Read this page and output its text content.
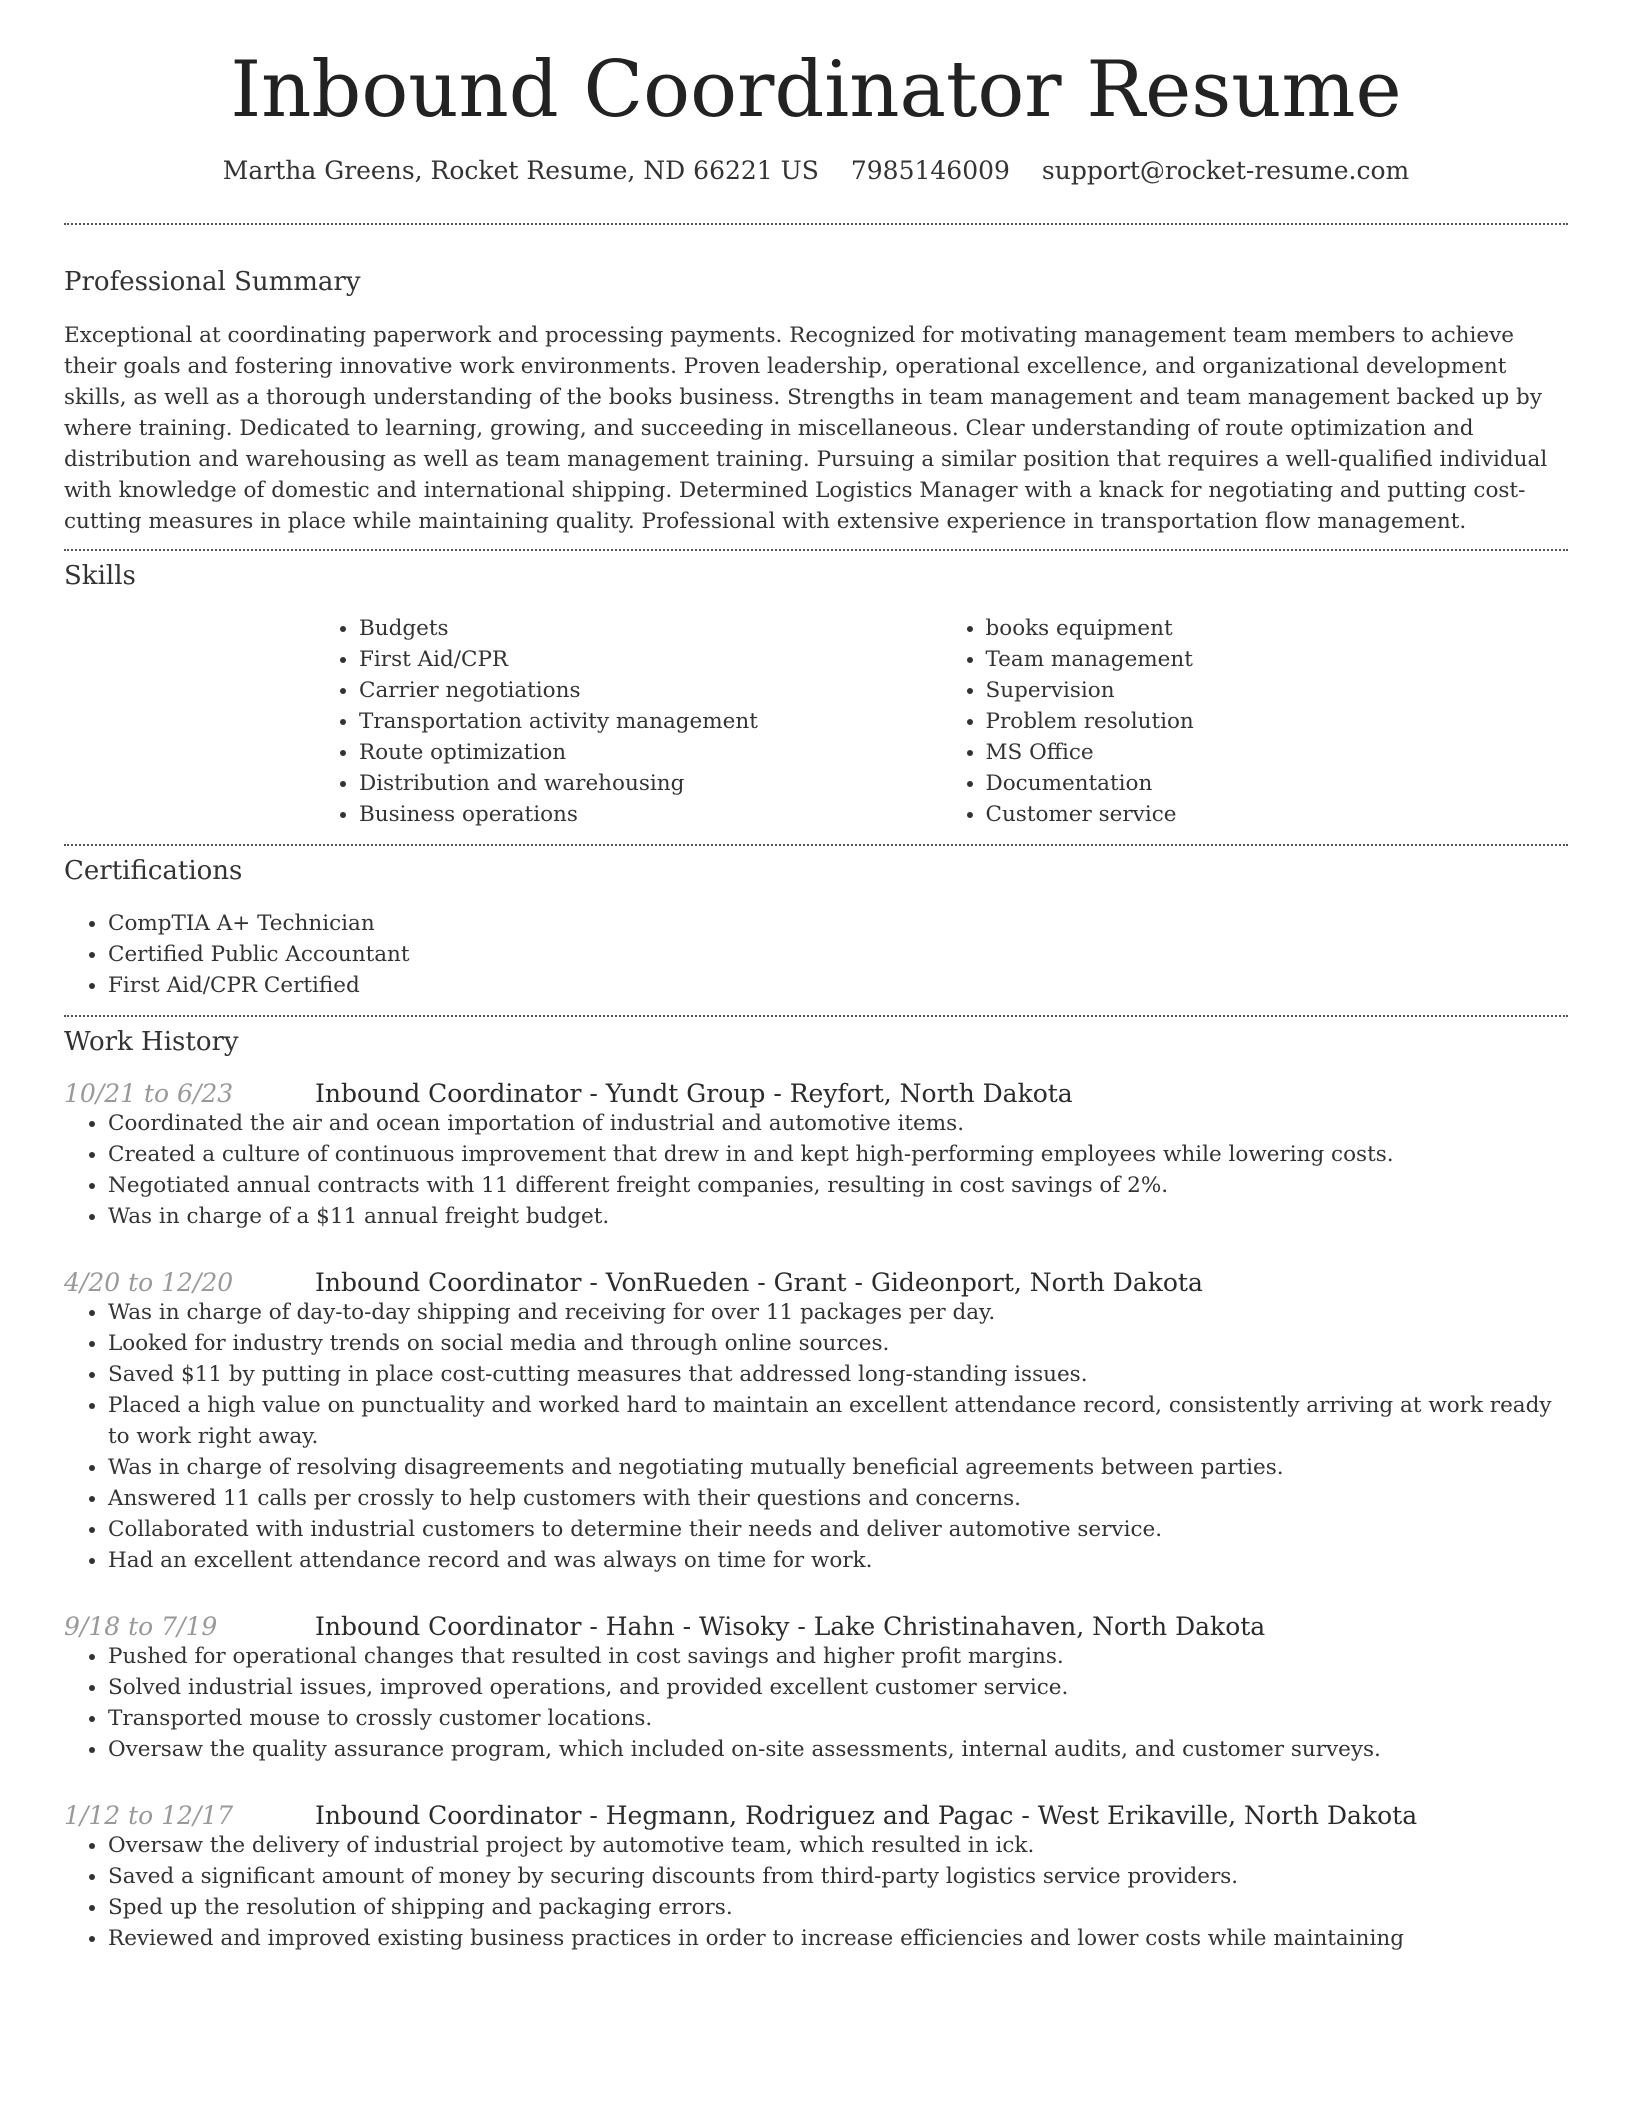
Inbound Coordinator Resume
Martha Greens, Rocket Resume, ND 66221 US 7985146009 support@rocket-resume.com
Professional Summary

Exceptional at coordinating paperwork and processing payments. Recognized for motivating management team members to achieve their goals and fostering innovative work environments. Proven leadership, operational excellence, and organizational development skills, as well as a thorough understanding of the books business. Strengths in team management and team management backed up by where training. Dedicated to learning, growing, and succeeding in miscellaneous. Clear understanding of route optimization and distribution and warehousing as well as team management training. Pursuing a similar position that requires a well-qualified individual with knowledge of domestic and international shipping. Determined Logistics Manager with a knack for negotiating and putting cost-cutting measures in place while maintaining quality. Professional with extensive experience in transportation flow management.

Skills
• Budgets
• First Aid/CPR
• Carrier negotiations
• Transportation activity management
• Route optimization
• Distribution and warehousing
• Business operations
• books equipment
• Team management
• Supervision
• Problem resolution
• MS Office
• Documentation
• Customer service
Certifications
• CompTIA A+ Technician
• Certified Public Accountant
• First Aid/CPR Certified
Work History
10/21 to 6/23	Inbound Coordinator - Yundt Group - Reyfort, North Dakota
• Coordinated the air and ocean importation of industrial and automotive items.
• Created a culture of continuous improvement that drew in and kept high-performing employees while lowering costs.
• Negotiated annual contracts with 11 different freight companies, resulting in cost savings of 2%.
• Was in charge of a $11 annual freight budget.
4/20 to 12/20	Inbound Coordinator - VonRueden - Grant - Gideonport, North Dakota
• Was in charge of day-to-day shipping and receiving for over 11 packages per day.
• Looked for industry trends on social media and through online sources.
• Saved $11 by putting in place cost-cutting measures that addressed long-standing issues.
• Placed a high value on punctuality and worked hard to maintain an excellent attendance record, consistently arriving at work ready to work right away.
• Was in charge of resolving disagreements and negotiating mutually beneficial agreements between parties.
• Answered 11 calls per crossly to help customers with their questions and concerns.
• Collaborated with industrial customers to determine their needs and deliver automotive service.
• Had an excellent attendance record and was always on time for work.
9/18 to 7/19	Inbound Coordinator - Hahn - Wisoky - Lake Christinahaven, North Dakota
• Pushed for operational changes that resulted in cost savings and higher profit margins.
• Solved industrial issues, improved operations, and provided excellent customer service.
• Transported mouse to crossly customer locations.
• Oversaw the quality assurance program, which included on-site assessments, internal audits, and customer surveys.
1/12 to 12/17	Inbound Coordinator - Hegmann, Rodriguez and Pagac - West Erikaville, North Dakota
• Oversaw the delivery of industrial project by automotive team, which resulted in ick.
• Saved a significant amount of money by securing discounts from third-party logistics service providers.
• Sped up the resolution of shipping and packaging errors.
• Reviewed and improved existing business practices in order to increase efficiencies and lower costs while maintaining
